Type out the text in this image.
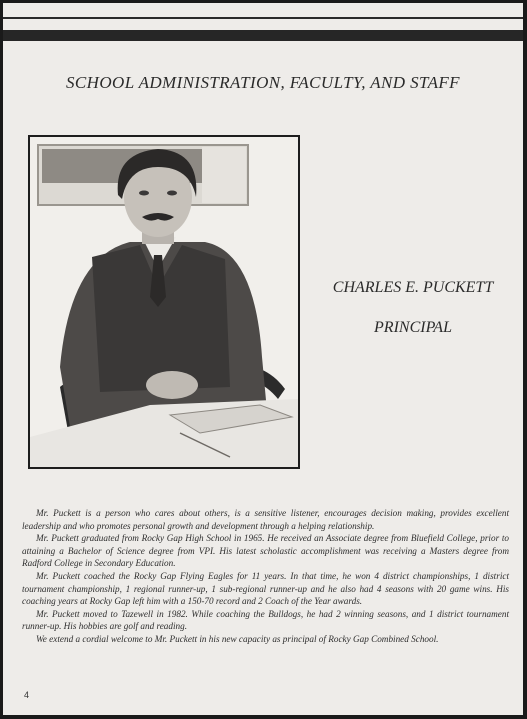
SCHOOL ADMINISTRATION, FACULTY, AND STAFF
CHARLES E. PUCKETT
PRINCIPAL

Mr. Puckett is a person who cares about others, is a sensitive listener, encourages decision making, provides excellent leadership and who promotes personal growth and development through a helping relationship.

Mr. Puckett graduated from Rocky Gap High School in 1965. He received an Associate degree from Bluefield College, prior to attaining a Bachelor of Science degree from VPI. His latest scholastic accomplishment was receiving a Masters degree from Radford College in Secondary Education.

Mr. Puckett coached the Rocky Gap Flying Eagles for 11 years. In that time, he won 4 district championships, 1 district tournament championship, 1 regional runner-up, 1 sub-regional runner-up and he also had 4 seasons with 20 game wins. His coaching years at Rocky Gap left him with a 150-70 record and 2 Coach of the Year awards.

Mr. Puckett moved to Tazewell in 1982. While coaching the Bulldogs, he had 2 winning seasons, and 1 district tournament runner-up. His hobbies are golf and reading.

We extend a cordial welcome to Mr. Puckett in his new capacity as principal of Rocky Gap Combined School.

4
